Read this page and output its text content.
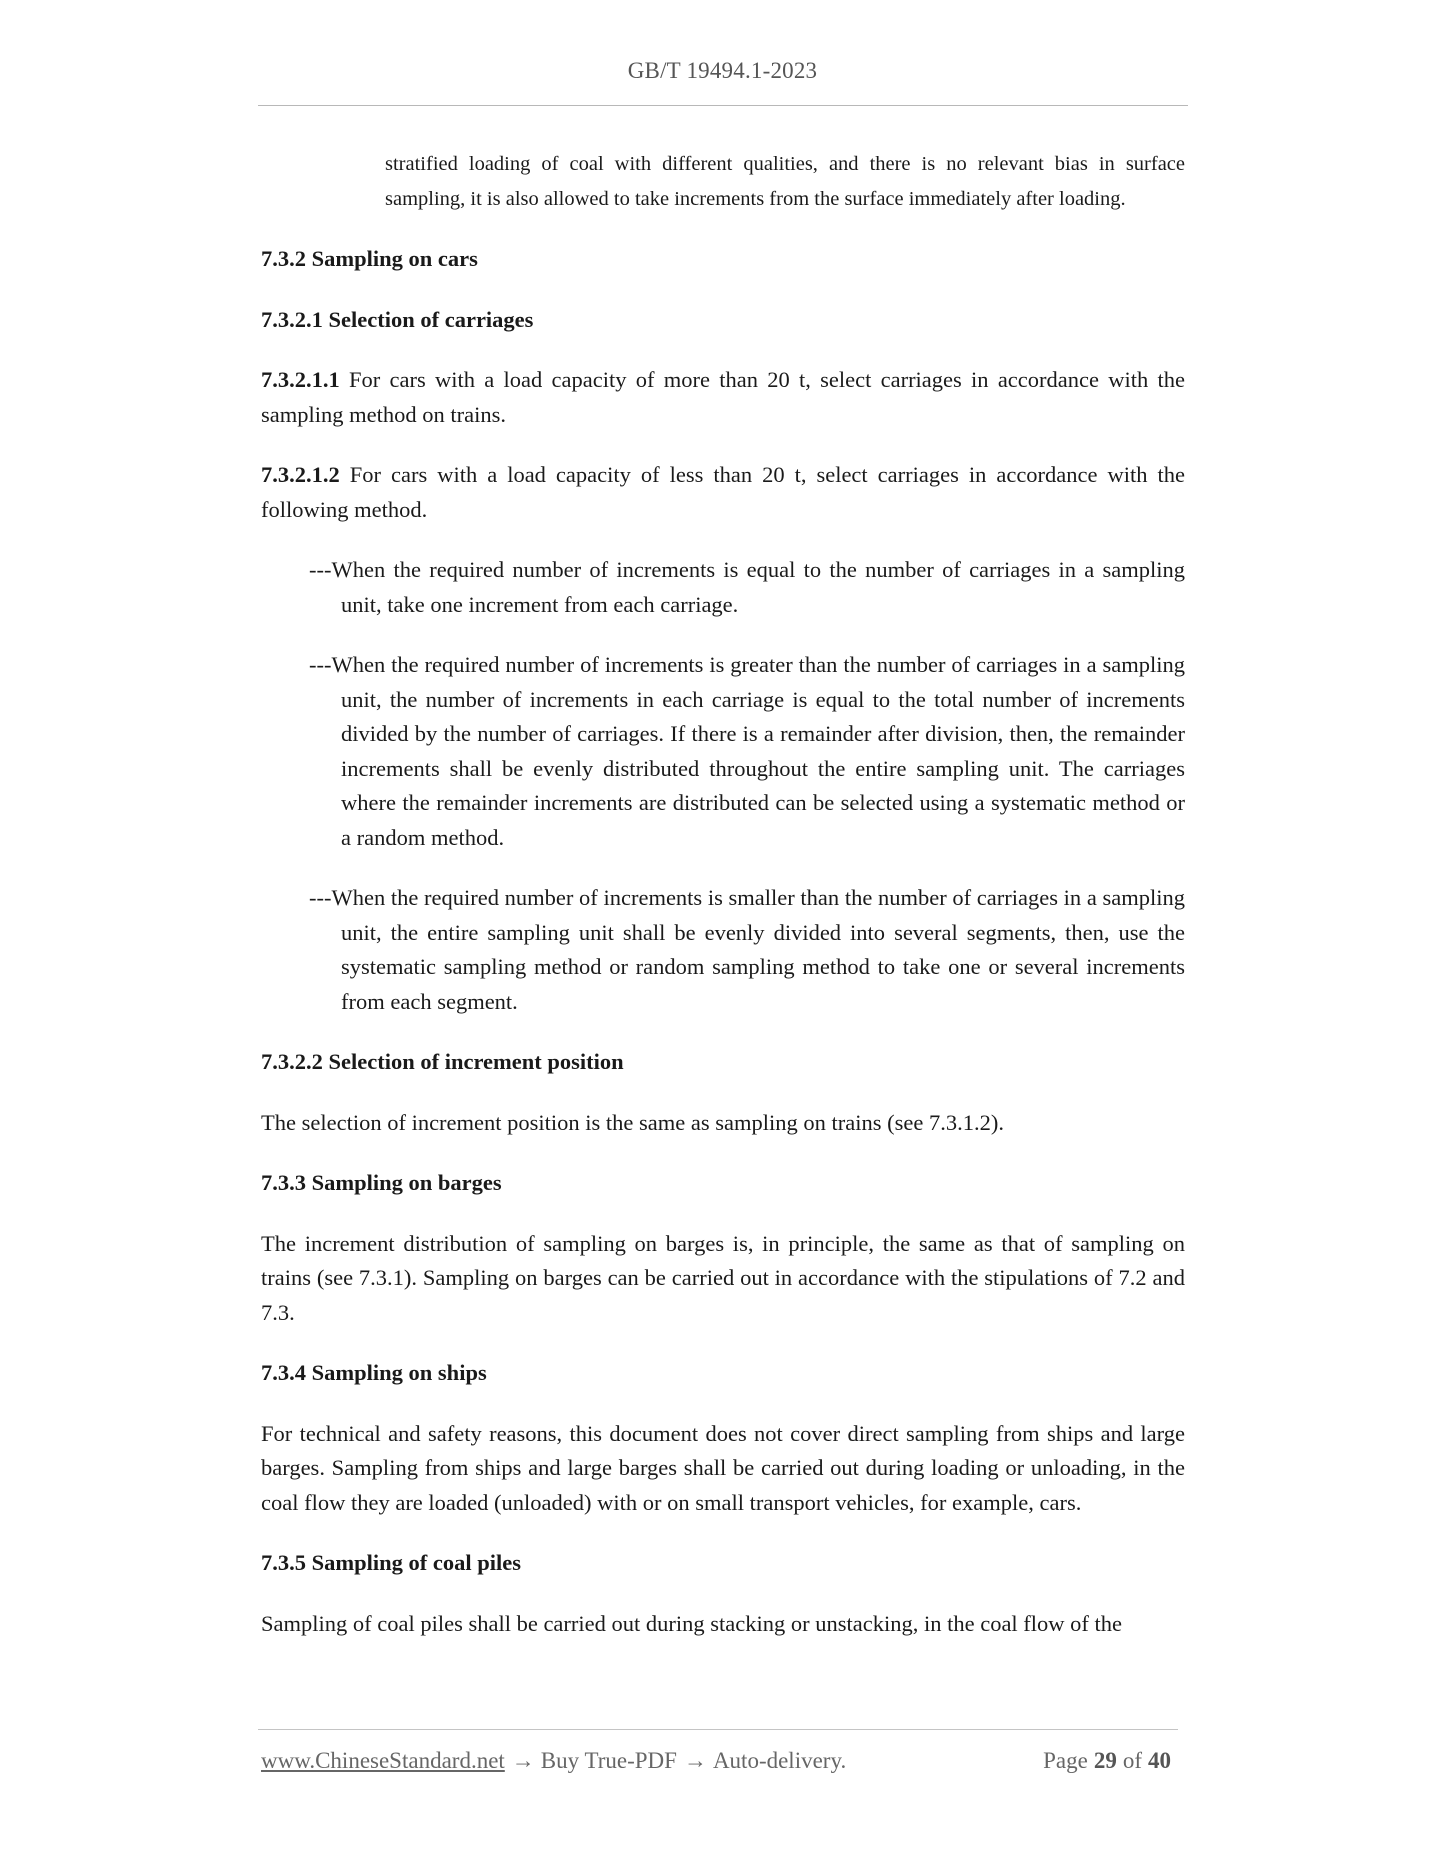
GB/T 19494.1-2023

stratified loading of coal with different qualities, and there is no relevant bias in surface sampling, it is also allowed to take increments from the surface immediately after loading.

7.3.2 Sampling on cars
7.3.2.1 Selection of carriages

7.3.2.1.1 For cars with a load capacity of more than 20 t, select carriages in accordance with the sampling method on trains.

7.3.2.1.2 For cars with a load capacity of less than 20 t, select carriages in accordance with the following method.

---When the required number of increments is equal to the number of carriages in a sampling unit, take one increment from each carriage.

---When the required number of increments is greater than the number of carriages in a sampling unit, the number of increments in each carriage is equal to the total number of increments divided by the number of carriages. If there is a remainder after division, then, the remainder increments shall be evenly distributed throughout the entire sampling unit. The carriages where the remainder increments are distributed can be selected using a systematic method or a random method.

---When the required number of increments is smaller than the number of carriages in a sampling unit, the entire sampling unit shall be evenly divided into several segments, then, use the systematic sampling method or random sampling method to take one or several increments from each segment.

7.3.2.2 Selection of increment position

The selection of increment position is the same as sampling on trains (see 7.3.1.2).

7.3.3 Sampling on barges

The increment distribution of sampling on barges is, in principle, the same as that of sampling on trains (see 7.3.1). Sampling on barges can be carried out in accordance with the stipulations of 7.2 and 7.3.

7.3.4 Sampling on ships

For technical and safety reasons, this document does not cover direct sampling from ships and large barges. Sampling from ships and large barges shall be carried out during loading or unloading, in the coal flow they are loaded (unloaded) with or on small transport vehicles, for example, cars.

7.3.5 Sampling of coal piles

Sampling of coal piles shall be carried out during stacking or unstacking, in the coal flow of the

www.ChineseStandard.net → Buy True-PDF → Auto-delivery.	Page 29 of 40
